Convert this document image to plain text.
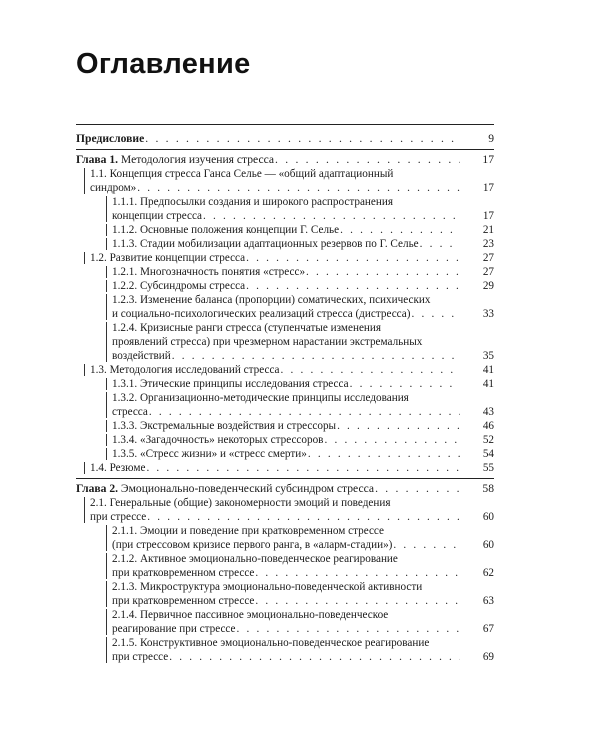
Оглавление
Предисловие . . .	9
Глава 1. Методология изучения стресса . . .	17
1.1. Концепция стресса Ганса Селье — «общий адаптационный
синдром» . . .	17
1.1.1. Предпосылки создания и широкого распространения
концепции стресса . . .	17
1.1.2. Основные положения концепции Г. Селье . . .	21
1.1.3. Стадии мобилизации адаптационных резервов по Г. Селье . . .	23
1.2. Развитие концепции стресса . . .	27
1.2.1. Многозначность понятия «стресс» . . .	27
1.2.2. Субсиндромы стресса . . .	29
1.2.3. Изменение баланса (пропорции) соматических, психических
и социально-психологических реализаций стресса (дистресса) . . .	33
1.2.4. Кризисные ранги стресса (ступенчатые изменения
проявлений стресса) при чрезмерном нарастании экстремальных
воздействий . . .	35
1.3. Методология исследований стресса . . .	41
1.3.1. Этические принципы исследования стресса . . .	41
1.3.2. Организационно-методические принципы исследования
стресса . . .	43
1.3.3. Экстремальные воздействия и стрессоры . . .	46
1.3.4. «Загадочность» некоторых стрессоров . . .	52
1.3.5. «Стресс жизни» и «стресс смерти» . . .	54
1.4. Резюме . . .	55
Глава 2. Эмоционально-поведенческий субсиндром стресса . . .	58
2.1. Генеральные (общие) закономерности эмоций и поведения
при стрессе . . .	60
2.1.1. Эмоции и поведение при кратковременном стрессе
(при стрессовом кризисе первого ранга, в «аларм-стадии») . . .	60
2.1.2. Активное эмоционально-поведенческое реагирование
при кратковременном стрессе . . .	62
2.1.3. Микроструктура эмоционально-поведенческой активности
при кратковременном стрессе . . .	63
2.1.4. Первичное пассивное эмоционально-поведенческое
реагирование при стрессе . . .	67
2.1.5. Конструктивное эмоционально-поведенческое реагирование
при стрессе . . .	69
